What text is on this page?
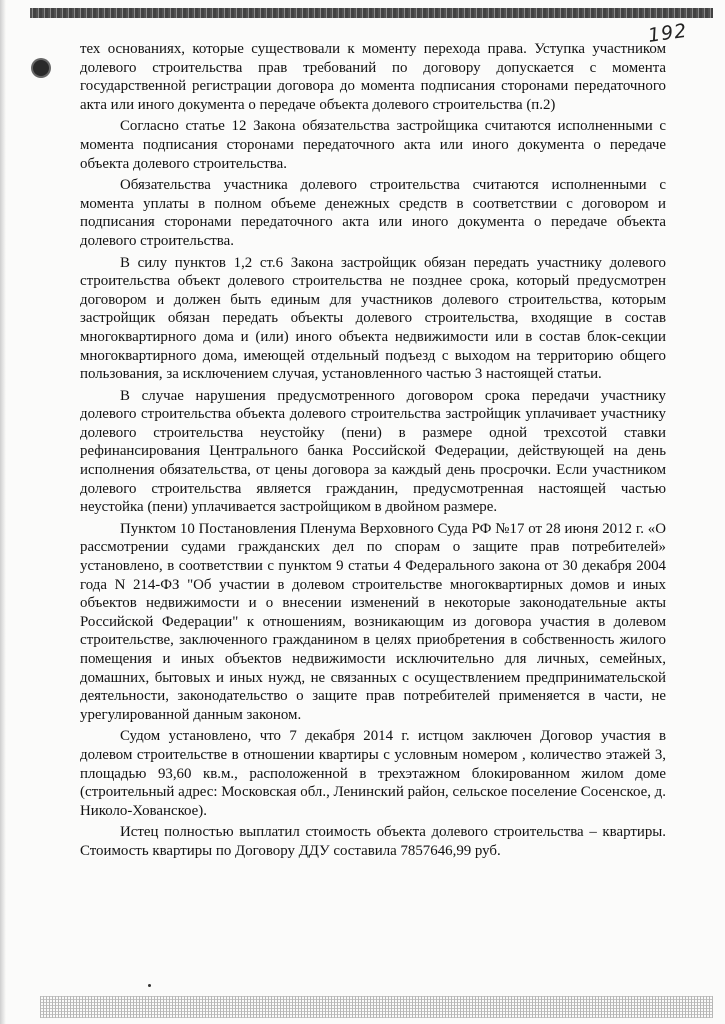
192

тех основаниях, которые существовали к моменту перехода права. Уступка участником долевого строительства прав требований по договору допускается с момента государственной регистрации договора до момента подписания сторонами передаточного акта или иного документа о передаче объекта долевого строительства (п.2)

Согласно статье 12 Закона обязательства застройщика считаются исполненными с момента подписания сторонами передаточного акта или иного документа о передаче объекта долевого строительства.

Обязательства участника долевого строительства считаются исполненными с момента уплаты в полном объеме денежных средств в соответствии с договором и подписания сторонами передаточного акта или иного документа о передаче объекта долевого строительства.

В силу пунктов 1,2 ст.6 Закона застройщик обязан передать участнику долевого строительства объект долевого строительства не позднее срока, который предусмотрен договором и должен быть единым для участников долевого строительства, которым застройщик обязан передать объекты долевого строительства, входящие в состав многоквартирного дома и (или) иного объекта недвижимости или в состав блок-секции многоквартирного дома, имеющей отдельный подъезд с выходом на территорию общего пользования, за исключением случая, установленного частью 3 настоящей статьи.

В случае нарушения предусмотренного договором срока передачи участнику долевого строительства объекта долевого строительства застройщик уплачивает участнику долевого строительства неустойку (пени) в размере одной трехсотой ставки рефинансирования Центрального банка Российской Федерации, действующей на день исполнения обязательства, от цены договора за каждый день просрочки. Если участником долевого строительства является гражданин, предусмотренная настоящей частью неустойка (пени) уплачивается застройщиком в двойном размере.

Пунктом 10 Постановления Пленума Верховного Суда РФ №17 от 28 июня 2012 г. «О рассмотрении судами гражданских дел по спорам о защите прав потребителей» установлено, в соответствии с пунктом 9 статьи 4 Федерального закона от 30 декабря 2004 года N 214-ФЗ "Об участии в долевом строительстве многоквартирных домов и иных объектов недвижимости и о внесении изменений в некоторые законодательные акты Российской Федерации" к отношениям, возникающим из договора участия в долевом строительстве, заключенного гражданином в целях приобретения в собственность жилого помещения и иных объектов недвижимости исключительно для личных, семейных, домашних, бытовых и иных нужд, не связанных с осуществлением предпринимательской деятельности, законодательство о защите прав потребителей применяется в части, не урегулированной данным законом.

Судом установлено, что 7 декабря 2014 г. истцом заключен Договор участия в долевом строительстве в отношении квартиры с условным номером , количество этажей 3, площадью 93,60 кв.м., расположенной в трехэтажном блокированном жилом доме (строительный адрес: Московская обл., Ленинский район, сельское поселение Сосенское, д. Николо-Хованское).

Истец полностью выплатил стоимость объекта долевого строительства – квартиры. Стоимость квартиры по Договору ДДУ составила 7857646,99 руб.
